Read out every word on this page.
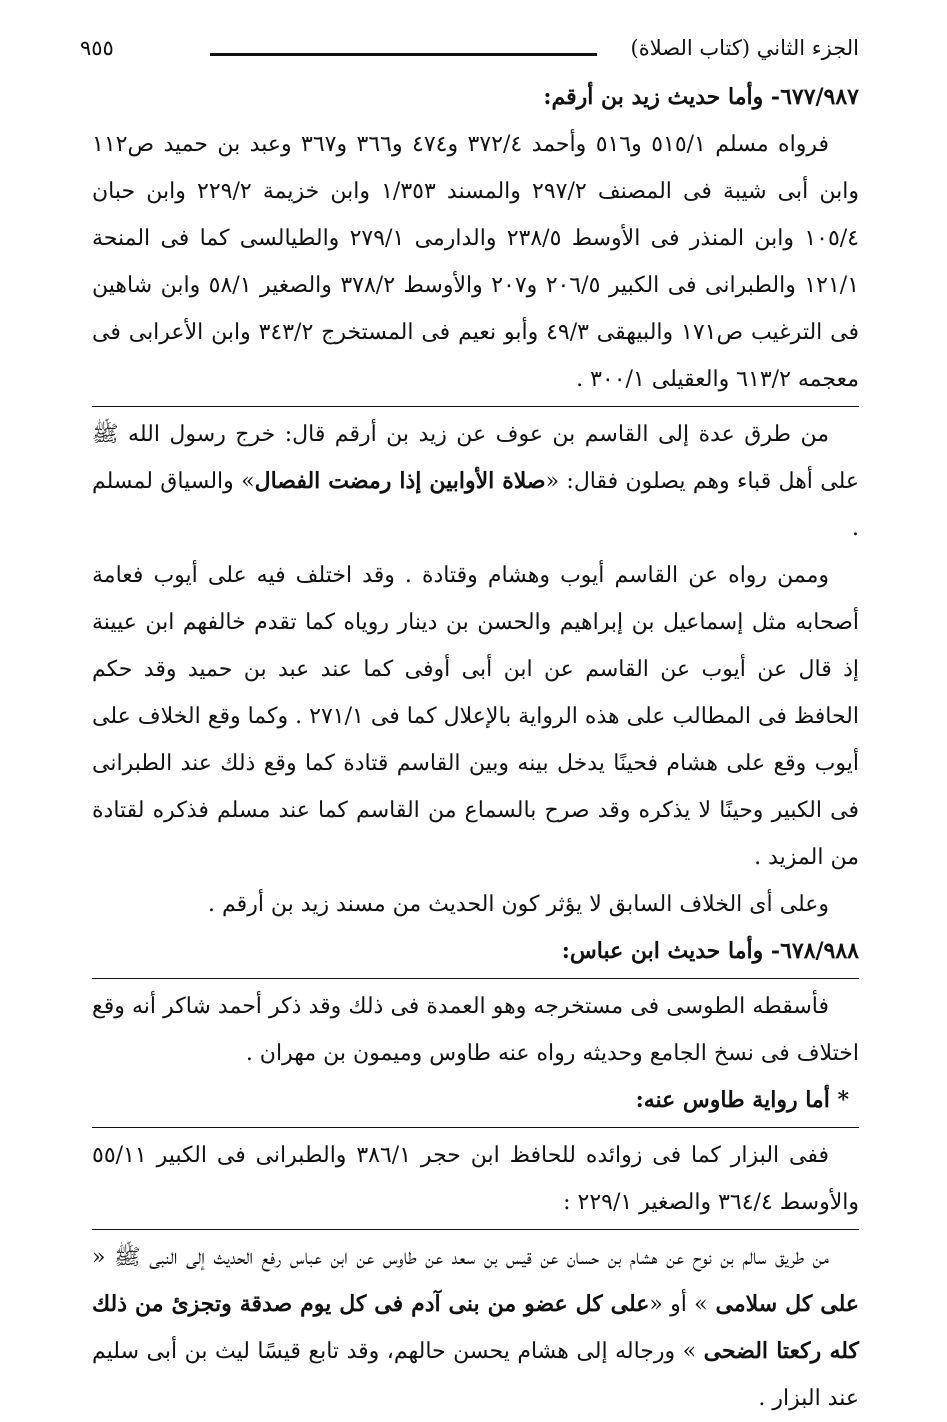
الجزء الثاني (كتاب الصلاة)
٩٥٥

٦٧٧/٩٨٧- وأما حديث زيد بن أرقم:

فرواه مسلم ٥١٥/١ و٥١٦ وأحمد ٣٧٢/٤ و٤٧٤ و٣٦٦ و٣٦٧ وعبد بن حميد ص١١٢ وابن أبى شيبة فى المصنف ٢٩٧/٢ والمسند ١/٣٥٣ وابن خزيمة ٢٢٩/٢ وابن حبان ١٠٥/٤ وابن المنذر فى الأوسط ٢٣٨/٥ والدارمى ٢٧٩/١ والطيالسى كما فى المنحة ١٢١/١ والطبرانى فى الكبير ٢٠٦/٥ و٢٠٧ والأوسط ٣٧٨/٢ والصغير ٥٨/١ وابن شاهين فى الترغيب ص١٧١ والبيهقى ٤٩/٣ وأبو نعيم فى المستخرج ٣٤٣/٢ وابن الأعرابى فى معجمه ٦١٣/٢ والعقيلى ٣٠٠/١ .

من طرق عدة إلى القاسم بن عوف عن زيد بن أرقم قال: خرج رسول الله ﷺ على أهل قباء وهم يصلون فقال: «صلاة الأوابين إذا رمضت الفصال» والسياق لمسلم .

وممن رواه عن القاسم أيوب وهشام وقتادة . وقد اختلف فيه على أيوب فعامة أصحابه مثل إسماعيل بن إبراهيم والحسن بن دينار روياه كما تقدم خالفهم ابن عيينة إذ قال عن أيوب عن القاسم عن ابن أبى أوفى كما عند عبد بن حميد وقد حكم الحافظ فى المطالب على هذه الرواية بالإعلال كما فى ٢٧١/١ . وكما وقع الخلاف على أيوب وقع على هشام فحينًا يدخل بينه وبين القاسم قتادة كما وقع ذلك عند الطبرانى فى الكبير وحينًا لا يذكره وقد صرح بالسماع من القاسم كما عند مسلم فذكره لقتادة من المزيد .

وعلى أى الخلاف السابق لا يؤثر كون الحديث من مسند زيد بن أرقم .

٦٧٨/٩٨٨- وأما حديث ابن عباس:

فأسقطه الطوسى فى مستخرجه وهو العمدة فى ذلك وقد ذكر أحمد شاكر أنه وقع اختلاف فى نسخ الجامع وحديثه رواه عنه طاوس وميمون بن مهران .

* أما رواية طاوس عنه:

ففى البزار كما فى زوائده للحافظ ابن حجر ٣٨٦/١ والطبرانى فى الكبير ٥٥/١١ والأوسط ٣٦٤/٤ والصغير ٢٢٩/١ :

من طريق سالم بن نوح عن هشام بن حسان عن قيس بن سعد عن طاوس عن ابن عباس رفع الحديث إلى النبى ﷺ « على كل سلامى » أو «على كل عضو من بنى آدم فى كل يوم صدقة وتجزئ من ذلك كله ركعتا الضحى » ورجاله إلى هشام يحسن حالهم، وقد تابع قيسًا ليث بن أبى سليم عند البزار .
